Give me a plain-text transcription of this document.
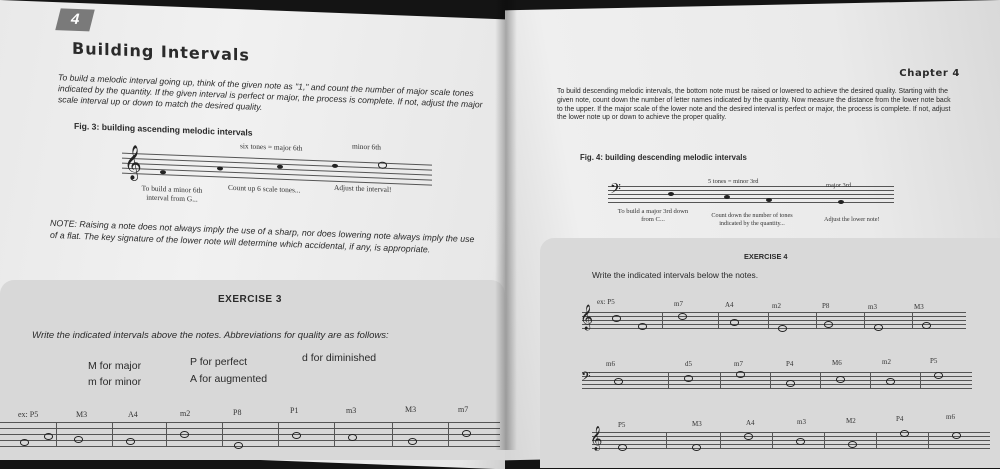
4
Building Intervals
To build a melodic interval going up, think of the given note as "1," and count the number of major scale tones indicated by the quantity. If the given interval is perfect or major, the process is complete. If not, adjust the major scale interval up or down to match the desired quality.
Fig. 3: building ascending melodic intervals
𝄞	six tones = major 6th	minor 6th
To build a minor 6th interval from G...
Count up 6 scale tones...	Adjust the interval!
NOTE: Raising a note does not always imply the use of a sharp, nor does lowering note always imply the use of a flat. The key signature of the lower note will determine which accidental, if any, is appropriate.
EXERCISE 3
Write the indicated intervals above the notes. Abbreviations for quality are as follows:
M for major
m for minor
P for perfect
A for augmented
d for diminished
ex: P5	M3	A4	m2	P8	P1	m3	M3	m7
Chapter 4
To build descending melodic intervals, the bottom note must be raised or lowered to achieve the desired quality. Starting with the given note, count down the number of letter names indicated by the quantity. Now measure the distance from the lower note back to the upper. If the major scale of the lower note and the desired interval is perfect or major, the process is complete. If not, adjust the lower note up or down to achieve the proper quality.
Fig. 4: building descending melodic intervals
𝄢	5 tones = minor 3rd
major 3rd
To build a major 3rd down from C...
Count down the number of tones indicated by the quantity...
Adjust the lower note!
EXERCISE 4
Write the indicated intervals below the notes.
ex: P5	m7	A4	m2	P8	m3	M3
𝄞
m6	d5	m7	P4	M6	m2	P5
𝄢
P5	M3	A4	m3	M2	P4	m6
𝄞
